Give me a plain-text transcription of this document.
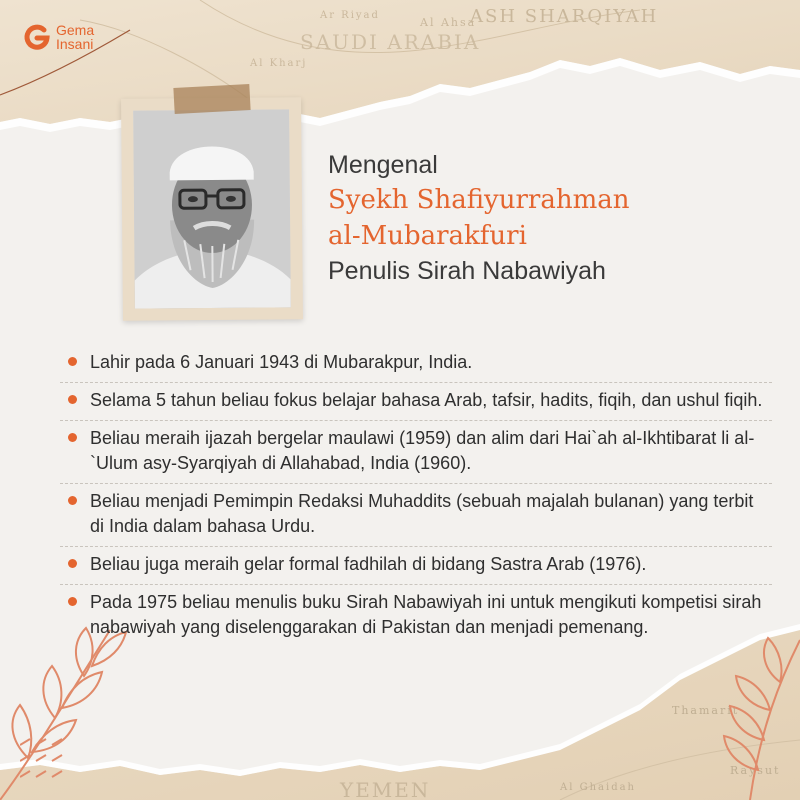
ASH SHARQIYAH
SAUDI ARABIA
Al Ahsa
Al Kharj
Ar Riyad
YEMEN
Thamarit
Raysut
Al Ghaidah
Gema
Insani
Mengenal
Syekh Shafiyurrahman
al-Mubarakfuri
Penulis Sirah Nabawiyah
Lahir pada 6 Januari 1943 di Mubarakpur, India.
Selama 5 tahun beliau fokus belajar bahasa Arab, tafsir, hadits, fiqih, dan ushul fiqih.
Beliau meraih ijazah bergelar maulawi (1959) dan alim dari Hai`ah al-Ikhtibarat li al-`Ulum asy-Syarqiyah di Allahabad, India (1960).
Beliau menjadi Pemimpin Redaksi Muhaddits (sebuah majalah bulanan) yang terbit di India dalam bahasa Urdu.
Beliau juga meraih gelar formal fadhilah di bidang Sastra Arab (1976).
Pada 1975 beliau menulis buku Sirah Nabawiyah ini untuk mengikuti kompetisi sirah nabawiyah yang diselenggarakan di Pakistan dan menjadi pemenang.
